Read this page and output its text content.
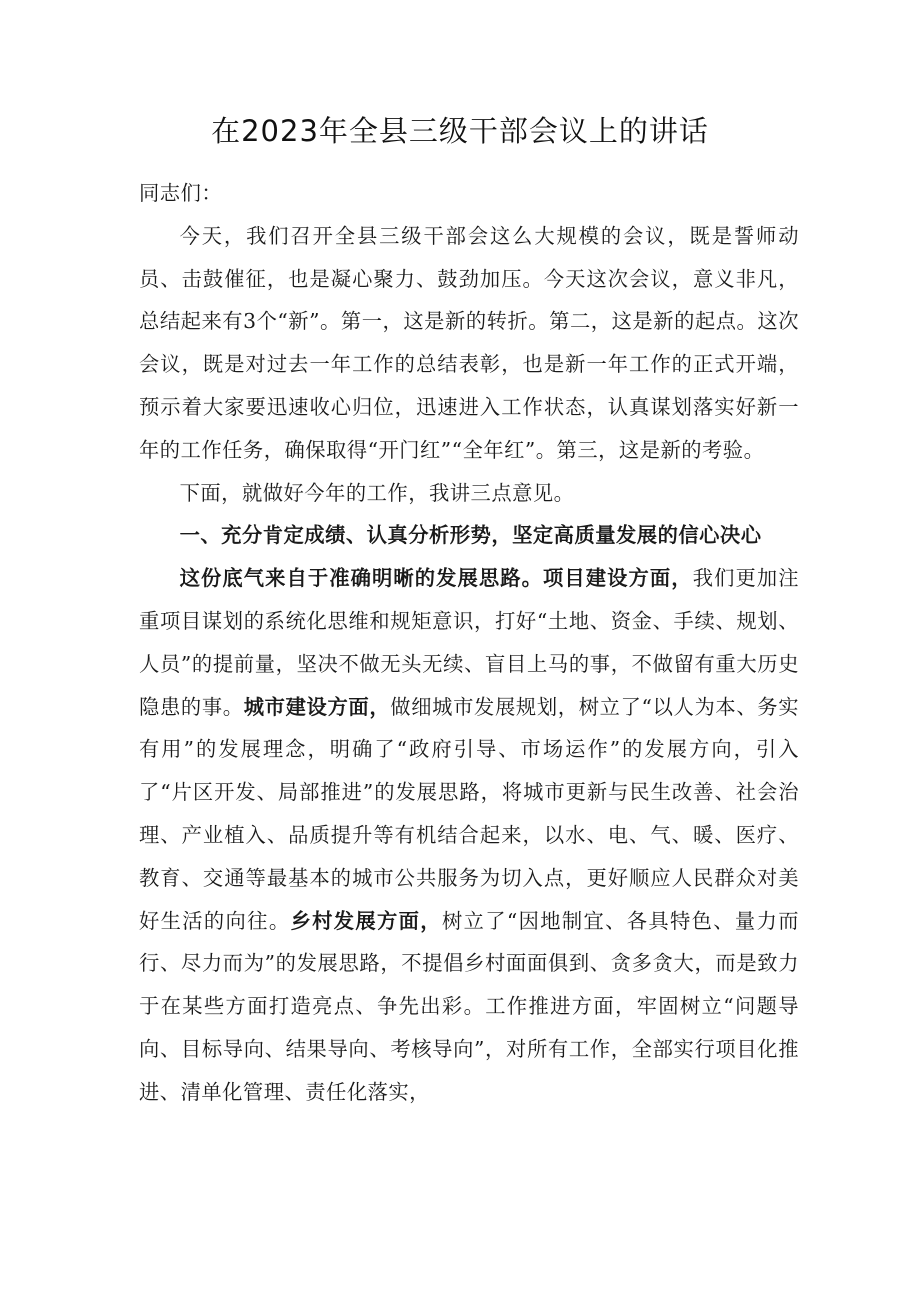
在2023年全县三级干部会议上的讲话

同志们：

今天，我们召开全县三级干部会这么大规模的会议，既是誓师动员、击鼓催征，也是凝心聚力、鼓劲加压。今天这次会议，意义非凡，总结起来有3个“新”。第一，这是新的转折。第二，这是新的起点。这次会议，既是对过去一年工作的总结表彰，也是新一年工作的正式开端，预示着大家要迅速收心归位，迅速进入工作状态，认真谋划落实好新一年的工作任务，确保取得“开门红”“全年红”。第三，这是新的考验。

下面，就做好今年的工作，我讲三点意见。

一、充分肯定成绩、认真分析形势，坚定高质量发展的信心决心

这份底气来自于准确明晰的发展思路。项目建设方面，我们更加注重项目谋划的系统化思维和规矩意识，打好“土地、资金、手续、规划、人员”的提前量，坚决不做无头无续、盲目上马的事，不做留有重大历史隐患的事。城市建设方面，做细城市发展规划，树立了“以人为本、务实有用”的发展理念，明确了“政府引导、市场运作”的发展方向，引入了“片区开发、局部推进”的发展思路，将城市更新与民生改善、社会治理、产业植入、品质提升等有机结合起来，以水、电、气、暖、医疗、教育、交通等最基本的城市公共服务为切入点，更好顺应人民群众对美好生活的向往。乡村发展方面，树立了“因地制宜、各具特色、量力而行、尽力而为”的发展思路，不提倡乡村面面俱到、贪多贪大，而是致力于在某些方面打造亮点、争先出彩。工作推进方面，牢固树立“问题导向、目标导向、结果导向、考核导向”，对所有工作，全部实行项目化推进、清单化管理、责任化落实，
